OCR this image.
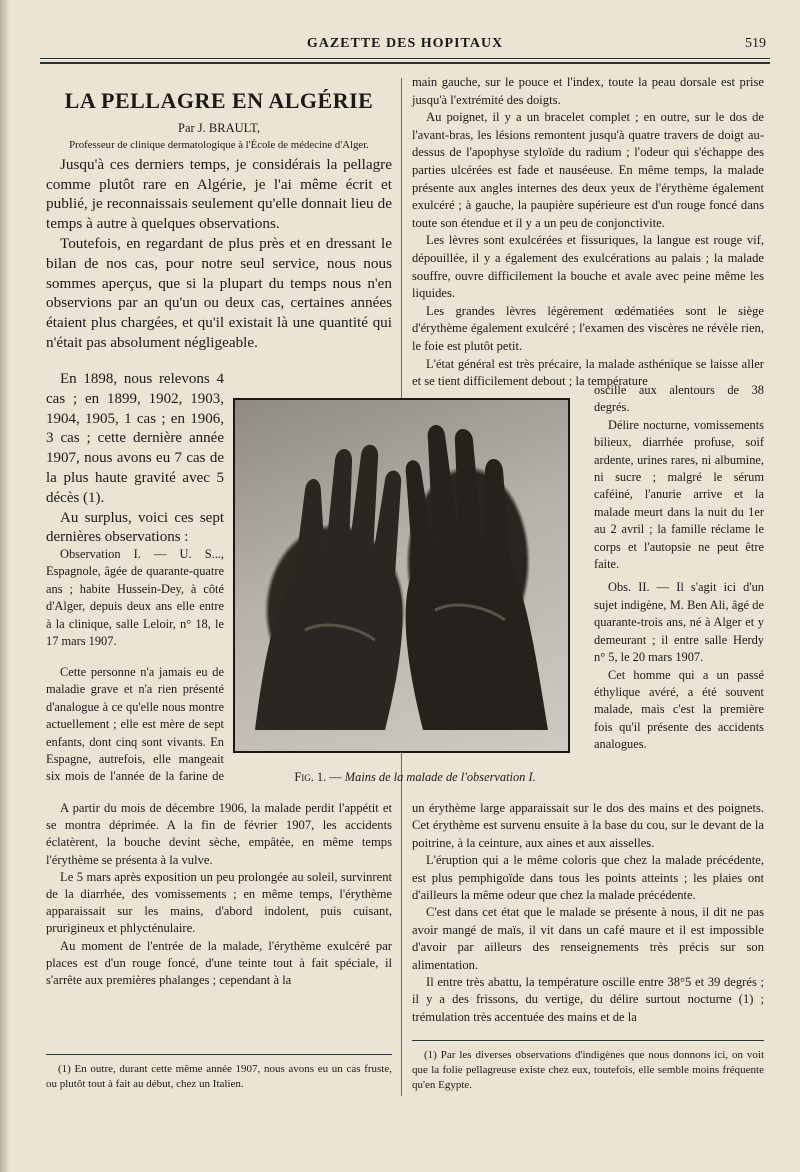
GAZETTE DES HOPITAUX	519
LA PELLAGRE EN ALGÉRIE

Par J. BRAULT,

Professeur de clinique dermatologique à l'École de médecine d'Alger.

Jusqu'à ces derniers temps, je considérais la pellagre comme plutôt rare en Algérie, je l'ai même écrit et publié, je reconnaissais seulement qu'elle donnait lieu de temps à autre à quelques observations.

Toutefois, en regardant de plus près et en dressant le bilan de nos cas, pour notre seul service, nous nous sommes aperçus, que si la plupart du temps nous n'en observions par an qu'un ou deux cas, certaines années étaient plus chargées, et qu'il existait là une quantité qui n'était pas absolument négligeable.

En 1898, nous relevons 4 cas ; en 1899, 1902, 1903, 1904, 1905, 1 cas ; en 1906, 3 cas ; cette dernière année 1907, nous avons eu 7 cas de la plus haute gravité avec 5 décès (1).

Au surplus, voici ces sept dernières observations :

Observation I. — U. S..., Espagnole, âgée de quarante-quatre ans ; habite Hussein-Dey, à côté d'Alger, depuis deux ans elle entre à la clinique, salle Leloir, n° 18, le 17 mars 1907.

A partir du mois de décembre 1906, la malade perdit l'appétit et se montra déprimée. A la fin de février 1907, les accidents éclatèrent, la bouche devint sèche, empâtée, en même temps l'érythème se présenta à la vulve.

Le 5 mars après exposition un peu prolongée au soleil, survinrent de la diarrhée, des vomissements ; en même temps, l'érythème apparaissait sur les mains, d'abord indolent, puis cuisant, prurigineux et phlycténulaire.

Au moment de l'entrée de la malade, l'érythème exulcéré par places est d'un rouge foncé, d'une teinte tout à fait spéciale, il s'arrête aux premières phalanges ; cependant à la

(1) En outre, durant cette même année 1907, nous avons eu un cas fruste, ou plutôt tout à fait au début, chez un Italien.

main gauche, sur le pouce et l'index, toute la peau dorsale est prise jusqu'à l'extrémité des doigts.

Au poignet, il y a un bracelet complet ; en outre, sur le dos de l'avant-bras, les lésions remontent jusqu'à quatre travers de doigt au-dessus de l'apophyse styloïde du radium ; l'odeur qui s'échappe des parties ulcérées est fade et nauséeuse. En même temps, la malade présente aux angles internes des deux yeux de l'érythème également exulcéré ; à gauche, la paupière supérieure est d'un rouge foncé dans toute son étendue et il y a un peu de conjonctivite.

Les lèvres sont exulcérées et fissuriques, la langue est rouge vif, dépouillée, il y a également des exulcérations au palais ; la malade souffre, ouvre difficilement la bouche et avale avec peine même les liquides.

Les grandes lèvres légèrement œdématiées sont le siège d'érythème également exulcéré ; l'examen des viscères ne révèle rien, le foie est plutôt petit.

L'état général est très précaire, la malade asthénique se laisse aller et se tient difficilement debout ; la température

oscille aux alentours de 38 degrés.

Délire nocturne, vomissements bilieux, diarrhée profuse, soif ardente, urines rares, ni albumine, ni sucre ; malgré le sérum caféiné, l'anurie arrive et la malade meurt dans la nuit du 1er au 2 avril ; la famille réclame le corps et l'autopsie ne peut être faite.

Obs. II. — Il s'agit ici d'un sujet indigène, M. Ben Ali, âgé de quarante-trois ans, né à Alger et y demeurant ; il entre salle Herdy n° 5, le 20 mars 1907.

Cet homme qui a un passé éthylique avéré, a été souvent malade, mais c'est la première fois qu'il présente des accidents analogues.

un érythème large apparaissait sur le dos des mains et des poignets. Cet érythème est survenu ensuite à la base du cou, sur le devant de la poitrine, à la ceinture, aux aines et aux aisselles.

L'éruption qui a le même coloris que chez la malade précédente, est plus pemphigoïde dans tous les points atteints ; les plaies ont d'ailleurs la même odeur que chez la malade précédente.

C'est dans cet état que le malade se présente à nous, il dit ne pas avoir mangé de maïs, il vit dans un café maure et il est impossible d'avoir par ailleurs des renseignements très précis sur son alimentation.

Il entre très abattu, la température oscille entre 38°5 et 39 degrés ; il y a des frissons, du vertige, du délire surtout nocturne (1) ; trémulation très accentuée des mains et de la

(1) Par les diverses observations d'indigènes que nous donnons ici, on voit que la folie pellagreuse existe chez eux, toutefois, elle semble moins fréquente qu'en Egypte.

Fig. 1. — Mains de la malade de l'observation I.

Cette personne n'a jamais eu de maladie grave et n'a rien présenté d'analogue à ce qu'elle nous montre actuellement ; elle est mère de sept enfants, dont cinq sont vivants. En Espagne, autrefois, elle mangeait six mois de l'année de la farine de
